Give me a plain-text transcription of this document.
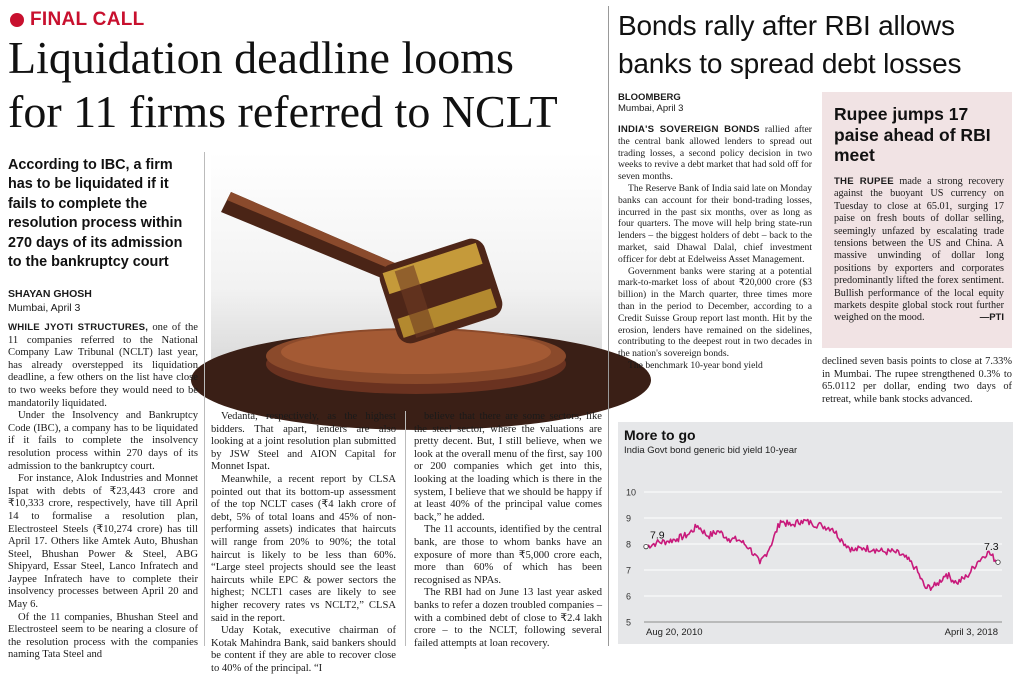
FINAL CALL
Liquidation deadline looms
for 11 firms referred to NCLT
According to IBC, a firm has to be liquidated if it fails to complete the resolution process within 270 days of its admission to the bankruptcy court
SHAYAN GHOSH
Mumbai, April 3

WHILE JYOTI STRUCTURES, one of the 11 companies referred to the National Company Law Tribunal (NCLT) last year, has already overstepped its liquidation deadline, a few others on the list have close to two weeks before they would need to be mandatorily liquidated.

Under the Insolvency and Bankruptcy Code (IBC), a company has to be liquidated if it fails to complete the insolvency resolution process within 270 days of its admission to the bankruptcy court.

For instance, Alok Industries and Monnet Ispat with debts of ₹23,443 crore and ₹10,333 crore, respectively, have till April 14 to formalise a resolution plan, Electrosteel Steels (₹10,274 crore) has till April 17. Others like Amtek Auto, Bhushan Steel, Bhushan Power & Steel, ABG Shipyard, Essar Steel, Lanco Infratech and Jaypee Infratech have to complete their insolvency processes between April 20 and May 6.

Of the 11 companies, Bhushan Steel and Electrosteel seem to be nearing a closure of the resolution process with the companies naming Tata Steel and

Vedanta, respectively, as the highest bidders. That apart, lenders are also looking at a joint resolution plan submitted by JSW Steel and AION Capital for Monnet Ispat.

Meanwhile, a recent report by CLSA pointed out that its bottom-up assessment of the top NCLT cases (₹4 lakh crore of debt, 5% of total loans and 45% of non-performing assets) indicates that haircuts will range from 20% to 90%; the total haircut is likely to be less than 60%. “Large steel projects should see the least haircuts while EPC & power sectors the highest; NCLT1 cases are likely to see higher recovery rates vs NCLT2,” CLSA said in the report.

Uday Kotak, executive chairman of Kotak Mahindra Bank, said bankers should be content if they are able to recover close to 40% of the principal. “I

believe that there are some sectors, like the steel sector, where the valuations are pretty decent. But, I still believe, when we look at the overall menu of the first, say 100 or 200 companies which get into this, looking at the loading which is there in the system, I believe that we should be happy if at least 40% of the principal value comes back,” he added.

The 11 accounts, identified by the central bank, are those to whom banks have an exposure of more than ₹5,000 crore each, more than 60% of which has been recognised as NPAs.

The RBI had on June 13 last year asked banks to refer a dozen troubled companies – with a combined debt of close to ₹2.4 lakh crore – to the NCLT, following several failed attempts at loan recovery.

Bonds rally after RBI allows
banks to spread debt losses
BLOOMBERG
Mumbai, April 3

INDIA'S SOVEREIGN BONDS rallied after the central bank allowed lenders to spread out trading losses, a second policy decision in two weeks to revive a debt market that had sold off for seven months.

The Reserve Bank of India said late on Monday banks can account for their bond-trading losses, incurred in the past six months, over as long as four quarters. The move will help bring state-run lenders – the biggest holders of debt – back to the market, said Dhawal Dalal, chief investment officer for debt at Edelweiss Asset Management.

Government banks were staring at a potential mark-to-market loss of about ₹20,000 crore ($3 billion) in the March quarter, three times more than in the period to December, according to a Credit Suisse Group report last month. Hit by the erosion, lenders have remained on the sidelines, contributing to the deepest rout in two decades in the nation's sovereign bonds.

The benchmark 10-year bond yield

Rupee jumps 17 paise ahead of RBI meet
THE RUPEE made a strong recovery against the buoyant US currency on Tuesday to close at 65.01, surging 17 paise on fresh bouts of dollar selling, seemingly unfazed by escalating trade tensions between the US and China. A massive unwinding of dollar long positions by exporters and corporates predominantly lifted the forex sentiment. Bullish performance of the local equity markets despite global stock rout further weighed on the mood.	—PTI
declined seven basis points to close at 7.33% in Mumbai. The rupee strengthened 0.3% to 65.0112 per dollar, ending two days of retreat, while bank stocks advanced.
More to go
India Govt bond generic bid yield 10-year
5
6
7
8
9
10
7.9
7.3
Aug 20, 2010	April 3, 2018
